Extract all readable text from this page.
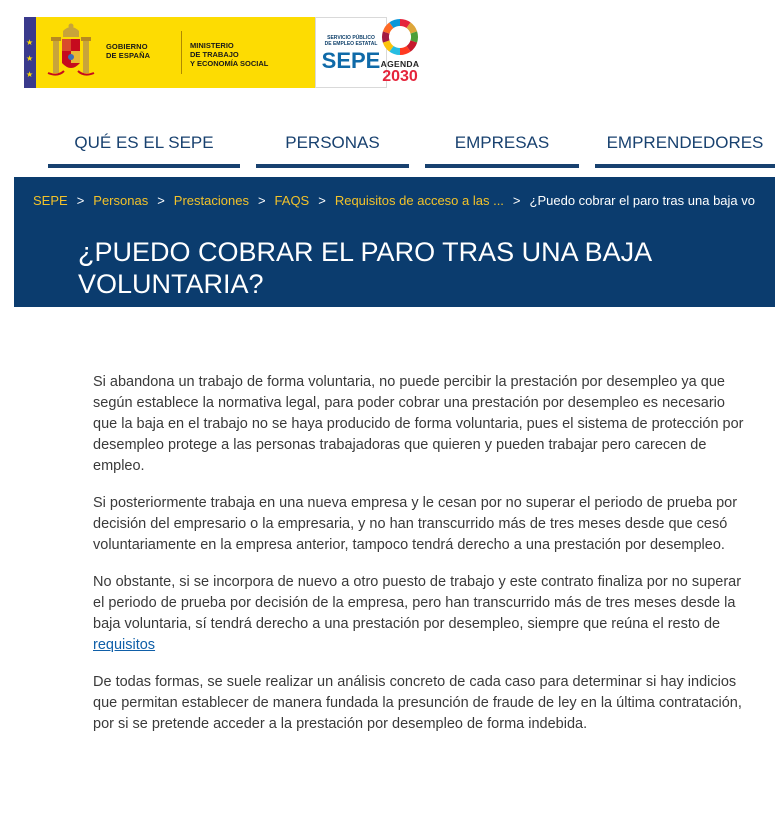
★
★
★
GOBIERNO
DE ESPAÑA
MINISTERIO
DE TRABAJO
Y ECONOMÍA SOCIAL
SERVICIO PÚBLICO
DE EMPLEO ESTATAL
SEPE AGENDA
2030
QUÉ ES EL SEPE	PERSONAS	EMPRESAS	EMPRENDEDORES
SEPE > Personas > Prestaciones > FAQS > Requisitos de acceso a las ... > ¿Puedo cobrar el paro tras una baja vo
¿PUEDO COBRAR EL PARO TRAS UNA BAJA VOLUNTARIA?

Si abandona un trabajo de forma voluntaria, no puede percibir la prestación por desempleo ya que según establece la normativa legal, para poder cobrar una prestación por desempleo es necesario que la baja en el trabajo no se haya producido de forma voluntaria, pues el sistema de protección por desempleo protege a las personas trabajadoras que quieren y pueden trabajar pero carecen de empleo.

Si posteriormente trabaja en una nueva empresa y le cesan por no superar el periodo de prueba por decisión del empresario o la empresaria, y no han transcurrido más de tres meses desde que cesó voluntariamente en la empresa anterior, tampoco tendrá derecho a una prestación por desempleo.

No obstante, si se incorpora de nuevo a otro puesto de trabajo y este contrato finaliza por no superar el periodo de prueba por decisión de la empresa, pero han transcurrido más de tres meses desde la baja voluntaria, sí tendrá derecho a una prestación por desempleo, siempre que reúna el resto de requisitos

De todas formas, se suele realizar un análisis concreto de cada caso para determinar si hay indicios que permitan establecer de manera fundada la presunción de fraude de ley en la última contratación, por si se pretende acceder a la prestación por desempleo de forma indebida.
